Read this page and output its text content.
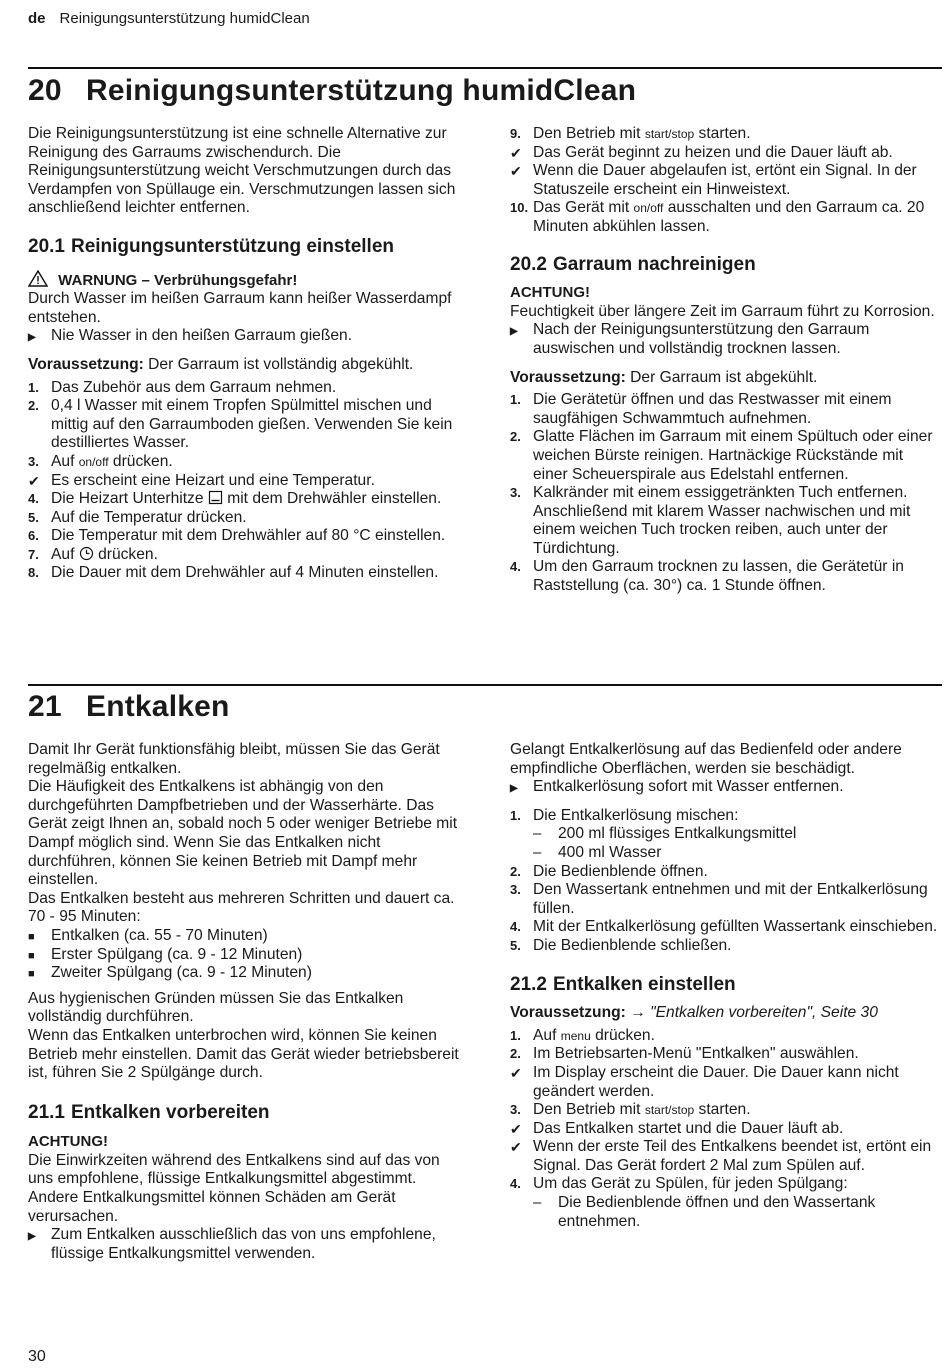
de Reinigungsunterstützung humidClean
20 Reinigungsunterstützung humidClean

Die Reinigungsunterstützung ist eine schnelle Alternative zur Reinigung des Garraums zwischendurch. Die Reinigungsunterstützung weicht Verschmutzungen durch das Verdampfen von Spüllauge ein. Verschmutzungen lassen sich anschließend leichter entfernen.

20.1 Reinigungsunterstützung einstellen

WARNUNG – Verbrühungsgefahr!

Durch Wasser im heißen Garraum kann heißer Wasserdampf entstehen.

▶ Nie Wasser in den heißen Garraum gießen.

Voraussetzung: Der Garraum ist vollständig abgekühlt.

1. Das Zubehör aus dem Garraum nehmen.
2. 0,4 l Wasser mit einem Tropfen Spülmittel mischen und mittig auf den Garraumboden gießen. Verwenden Sie kein destilliertes Wasser.
3. Auf on/off drücken.
✔ Es erscheint eine Heizart und eine Temperatur.
4. Die Heizart Unterhitze mit dem Drehwähler einstellen.
5. Auf die Temperatur drücken.
6. Die Temperatur mit dem Drehwähler auf 80 °C einstellen.
7. Auf drücken.
8. Die Dauer mit dem Drehwähler auf 4 Minuten einstellen.
9. Den Betrieb mit start/stop starten.
✔ Das Gerät beginnt zu heizen und die Dauer läuft ab.
✔ Wenn die Dauer abgelaufen ist, ertönt ein Signal. In der Statuszeile erscheint ein Hinweistext.
10. Das Gerät mit on/off ausschalten und den Garraum ca. 20 Minuten abkühlen lassen.

20.2 Garraum nachreinigen

ACHTUNG!

Feuchtigkeit über längere Zeit im Garraum führt zu Korrosion.

▶ Nach der Reinigungsunterstützung den Garraum auswischen und vollständig trocknen lassen.

Voraussetzung: Der Garraum ist abgekühlt.

1. Die Gerätetür öffnen und das Restwasser mit einem saugfähigen Schwammtuch aufnehmen.
2. Glatte Flächen im Garraum mit einem Spültuch oder einer weichen Bürste reinigen. Hartnäckige Rückstände mit einer Scheuerspirale aus Edelstahl entfernen.
3. Kalkränder mit einem essiggetränkten Tuch entfernen. Anschließend mit klarem Wasser nachwischen und mit einem weichen Tuch trocken reiben, auch unter der Türdichtung.
4. Um den Garraum trocknen zu lassen, die Gerätetür in Raststellung (ca. 30°) ca. 1 Stunde öffnen.
21 Entkalken

Damit Ihr Gerät funktionsfähig bleibt, müssen Sie das Gerät regelmäßig entkalken.

Die Häufigkeit des Entkalkens ist abhängig von den durchgeführten Dampfbetrieben und der Wasserhärte. Das Gerät zeigt Ihnen an, sobald noch 5 oder weniger Betriebe mit Dampf möglich sind. Wenn Sie das Entkalken nicht durchführen, können Sie keinen Betrieb mit Dampf mehr einstellen.

Das Entkalken besteht aus mehreren Schritten und dauert ca. 70 - 95 Minuten:

■ Entkalken (ca. 55 - 70 Minuten)
■ Erster Spülgang (ca. 9 - 12 Minuten)
■ Zweiter Spülgang (ca. 9 - 12 Minuten)

Aus hygienischen Gründen müssen Sie das Entkalken vollständig durchführen.

Wenn das Entkalken unterbrochen wird, können Sie keinen Betrieb mehr einstellen. Damit das Gerät wieder betriebsbereit ist, führen Sie 2 Spülgänge durch.

21.1 Entkalken vorbereiten

ACHTUNG!

Die Einwirkzeiten während des Entkalkens sind auf das von uns empfohlene, flüssige Entkalkungsmittel abgestimmt. Andere Entkalkungsmittel können Schäden am Gerät verursachen.

▶ Zum Entkalken ausschließlich das von uns empfohlene, flüssige Entkalkungsmittel verwenden.

Gelangt Entkalkerlösung auf das Bedienfeld oder andere empfindliche Oberflächen, werden sie beschädigt.

▶ Entkalkerlösung sofort mit Wasser entfernen.
1. Die Entkalkerlösung mischen:
– 200 ml flüssiges Entkalkungsmittel
– 400 ml Wasser
2. Die Bedienblende öffnen.
3. Den Wassertank entnehmen und mit der Entkalkerlösung füllen.
4. Mit der Entkalkerlösung gefüllten Wassertank einschieben.
5. Die Bedienblende schließen.

21.2 Entkalken einstellen

Voraussetzung: → "Entkalken vorbereiten", Seite 30

1. Auf menu drücken.
2. Im Betriebsarten-Menü "Entkalken" auswählen.
✔ Im Display erscheint die Dauer. Die Dauer kann nicht geändert werden.
3. Den Betrieb mit start/stop starten.
✔ Das Entkalken startet und die Dauer läuft ab.
✔ Wenn der erste Teil des Entkalkens beendet ist, ertönt ein Signal. Das Gerät fordert 2 Mal zum Spülen auf.
4. Um das Gerät zu Spülen, für jeden Spülgang:
– Die Bedienblende öffnen und den Wassertank entnehmen.
30
